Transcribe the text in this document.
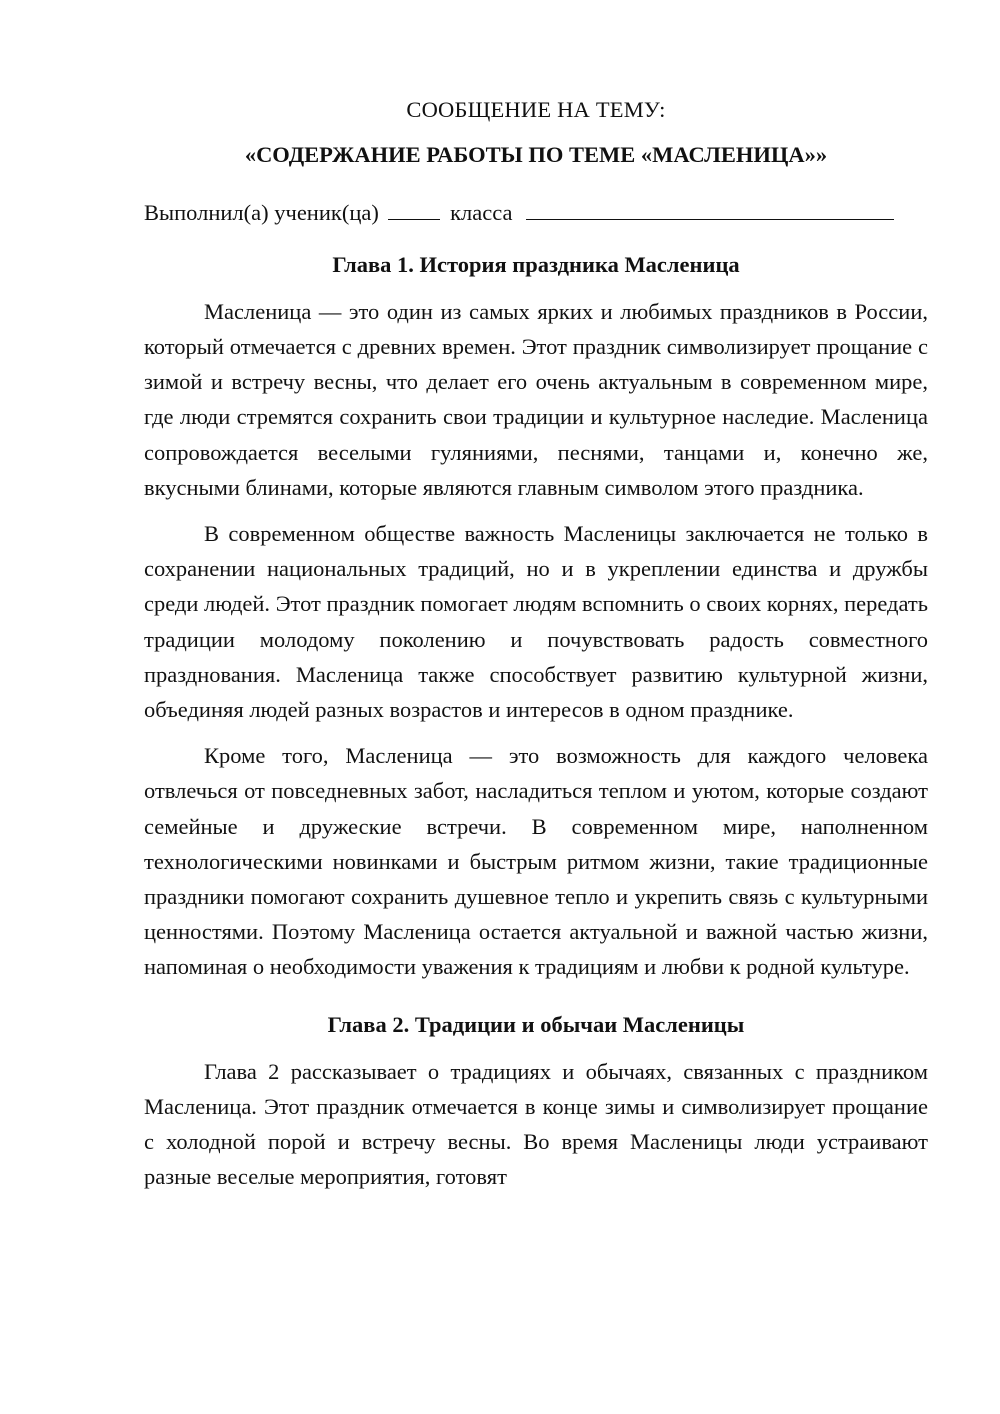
СООБЩЕНИЕ НА ТЕМУ:

«СОДЕРЖАНИЕ РАБОТЫ ПО ТЕМЕ «МАСЛЕНИЦА»»

Выполнил(а) ученик(ца)	класса
Глава 1. История праздника Масленица

Масленица — это один из самых ярких и любимых праздников в России, который отмечается с древних времен. Этот праздник символизирует прощание с зимой и встречу весны, что делает его очень актуальным в современном мире, где люди стремятся сохранить свои традиции и культурное наследие. Масленица сопровождается веселыми гуляниями, песнями, танцами и, конечно же, вкусными блинами, которые являются главным символом этого праздника.

В современном обществе важность Масленицы заключается не только в сохранении национальных традиций, но и в укреплении единства и дружбы среди людей. Этот праздник помогает людям вспомнить о своих корнях, передать традиции молодому поколению и почувствовать радость совместного празднования. Масленица также способствует развитию культурной жизни, объединяя людей разных возрастов и интересов в одном празднике.

Кроме того, Масленица — это возможность для каждого человека отвлечься от повседневных забот, насладиться теплом и уютом, которые создают семейные и дружеские встречи. В современном мире, наполненном технологическими новинками и быстрым ритмом жизни, такие традиционные праздники помогают сохранить душевное тепло и укрепить связь с культурными ценностями. Поэтому Масленица остается актуальной и важной частью жизни, напоминая о необходимости уважения к традициям и любви к родной культуре.

Глава 2. Традиции и обычаи Масленицы

Глава 2 рассказывает о традициях и обычаях, связанных с праздником Масленица. Этот праздник отмечается в конце зимы и символизирует прощание с холодной порой и встречу весны. Во время Масленицы люди устраивают разные веселые мероприятия, готовят
